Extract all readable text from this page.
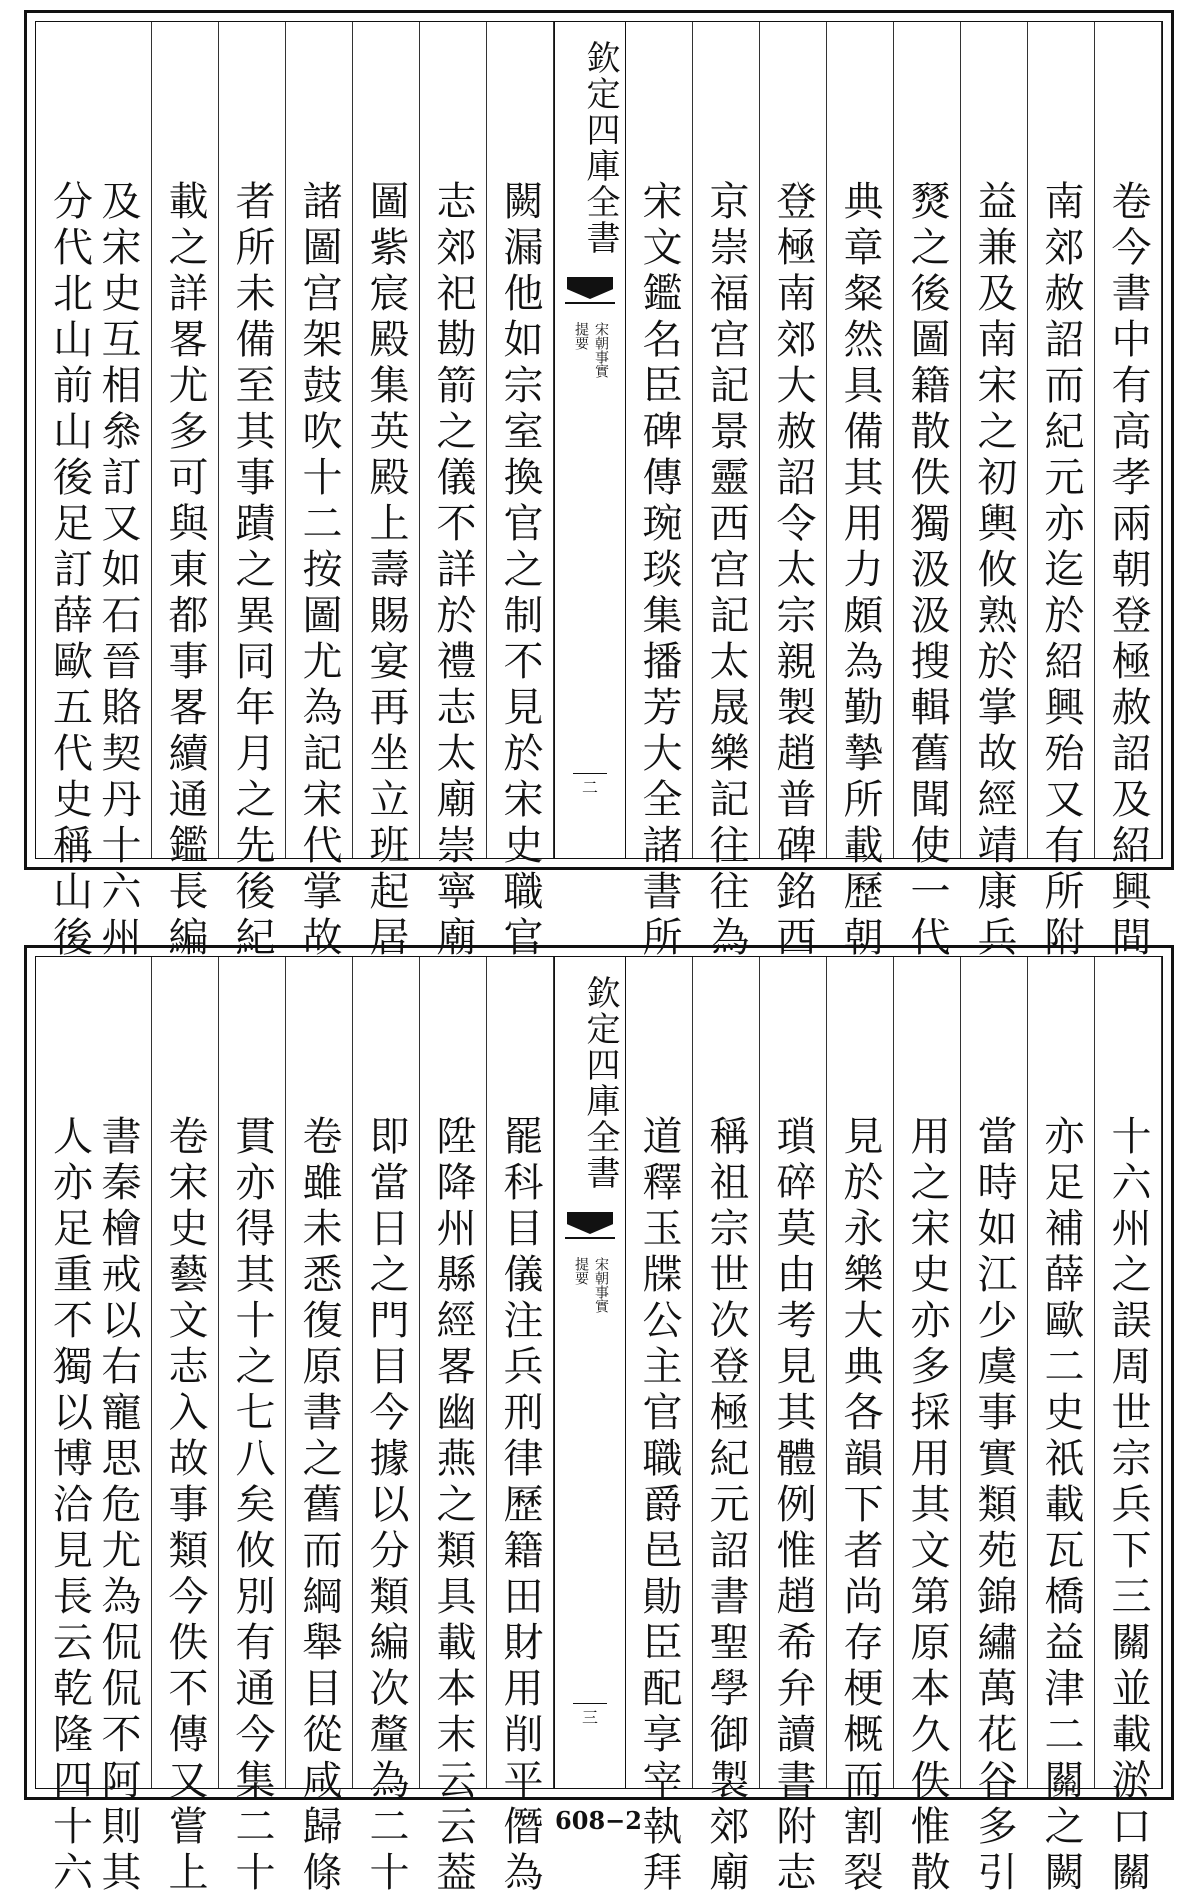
卷今書中有高孝兩朝登極赦詔及紹興間
南郊赦詔而紀元亦迄於紹興殆又有所附
益兼及南宋之初輿攸熟於掌故經靖康兵
燹之後圖籍散佚獨汲汲搜輯舊聞使一代
典章粲然具備其用力頗為勤摯所載歷朝
登極南郊大赦詔令太宗親製趙普碑銘西
京崇福宫記景靈西宫記太晟樂記往往為
宋文鑑名臣碑傳琬琰集播芳大全諸書所
欽定四庫全書
宋朝事實
提要
二
闕漏他如宗室換官之制不見於宋史職官
志郊祀勘箭之儀不詳於禮志太廟崇寧廟
圖紫宸殿集英殿上壽賜宴再坐立班起居
諸圖宫架鼓吹十二按圖尤為記宋代掌故
者所未備至其事蹟之異同年月之先後紀
載之詳畧尤多可與東都事畧續通鑑長編
及宋史互相叅訂又如石晉賂契丹十六州
分代北山前山後足訂薛歐五代史稱山後
十六州之誤周世宗兵下三關並載淤口關
亦足補薛歐二史祇載瓦橋益津二關之闕
當時如江少虞事實類苑錦繡萬花谷多引
用之宋史亦多採用其文第原本久佚惟散
見於永樂大典各韻下者尚存梗概而割裂
瑣碎莫由考見其體例惟趙希弁讀書附志
稱祖宗世次登極紀元詔書聖學御製郊廟
道釋玉牒公主官職爵邑勛臣配享宰執拜
欽定四庫全書
宋朝事實
提要
三
罷科目儀注兵刑律歷籍田財用削平僭為
陞降州縣經畧幽燕之類具載本末云云葢
即當日之門目今據以分類編次釐為二十
卷雖未悉復原書之舊而綱舉目從咸歸條
貫亦得其十之七八矣攸別有通今集二十
卷宋史藝文志入故事類今佚不傳又嘗上
書秦檜戒以右寵思危尤為侃侃不阿則其
人亦足重不獨以博洽見長云乾隆四十六	608−2
